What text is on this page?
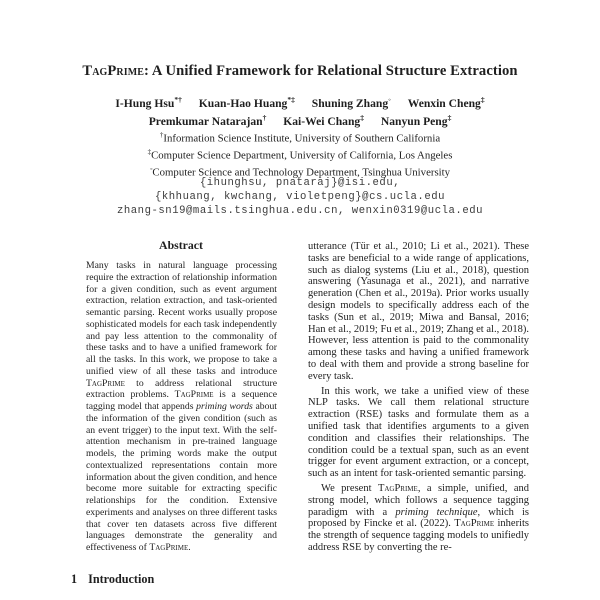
TagPrime: A Unified Framework for Relational Structure Extraction
I-Hung Hsu*† Kuan-Hao Huang*‡ Shuning Zhang◦ Wenxin Cheng‡
Premkumar Natarajan† Kai-Wei Chang‡ Nanyun Peng‡
†Information Science Institute, University of Southern California
‡Computer Science Department, University of California, Los Angeles
◦Computer Science and Technology Department, Tsinghua University
{ihunghsu, pnataraj}@isi.edu,
{khhuang, kwchang, violetpeng}@cs.ucla.edu
zhang-sn19@mails.tsinghua.edu.cn, wenxin0319@ucla.edu
Abstract
Many tasks in natural language processing require the extraction of relationship information for a given condition, such as event argument extraction, relation extraction, and task-oriented semantic parsing. Recent works usually propose sophisticated models for each task independently and pay less attention to the commonality of these tasks and to have a unified framework for all the tasks. In this work, we propose to take a unified view of all these tasks and introduce TagPrime to address relational structure extraction problems. TagPrime is a sequence tagging model that appends priming words about the information of the given condition (such as an event trigger) to the input text. With the self-attention mechanism in pre-trained language models, the priming words make the output contextualized representations contain more information about the given condition, and hence become more suitable for extracting specific relationships for the condition. Extensive experiments and analyses on three different tasks that cover ten datasets across five different languages demonstrate the generality and effectiveness of TagPrime.
1 Introduction

utterance (Tür et al., 2010; Li et al., 2021). These tasks are beneficial to a wide range of applications, such as dialog systems (Liu et al., 2018), question answering (Yasunaga et al., 2021), and narrative generation (Chen et al., 2019a). Prior works usually design models to specifically address each of the tasks (Sun et al., 2019; Miwa and Bansal, 2016; Han et al., 2019; Fu et al., 2019; Zhang et al., 2018). However, less attention is paid to the commonality among these tasks and having a unified framework to deal with them and provide a strong baseline for every task.

In this work, we take a unified view of these NLP tasks. We call them relational structure extraction (RSE) tasks and formulate them as a unified task that identifies arguments to a given condition and classifies their relationships. The condition could be a textual span, such as an event trigger for event argument extraction, or a concept, such as an intent for task-oriented semantic parsing.

We present TagPrime, a simple, unified, and strong model, which follows a sequence tagging paradigm with a priming technique, which is proposed by Fincke et al. (2022). TagPrime inherits the strength of sequence tagging models to unifiedly address RSE by converting the re-
